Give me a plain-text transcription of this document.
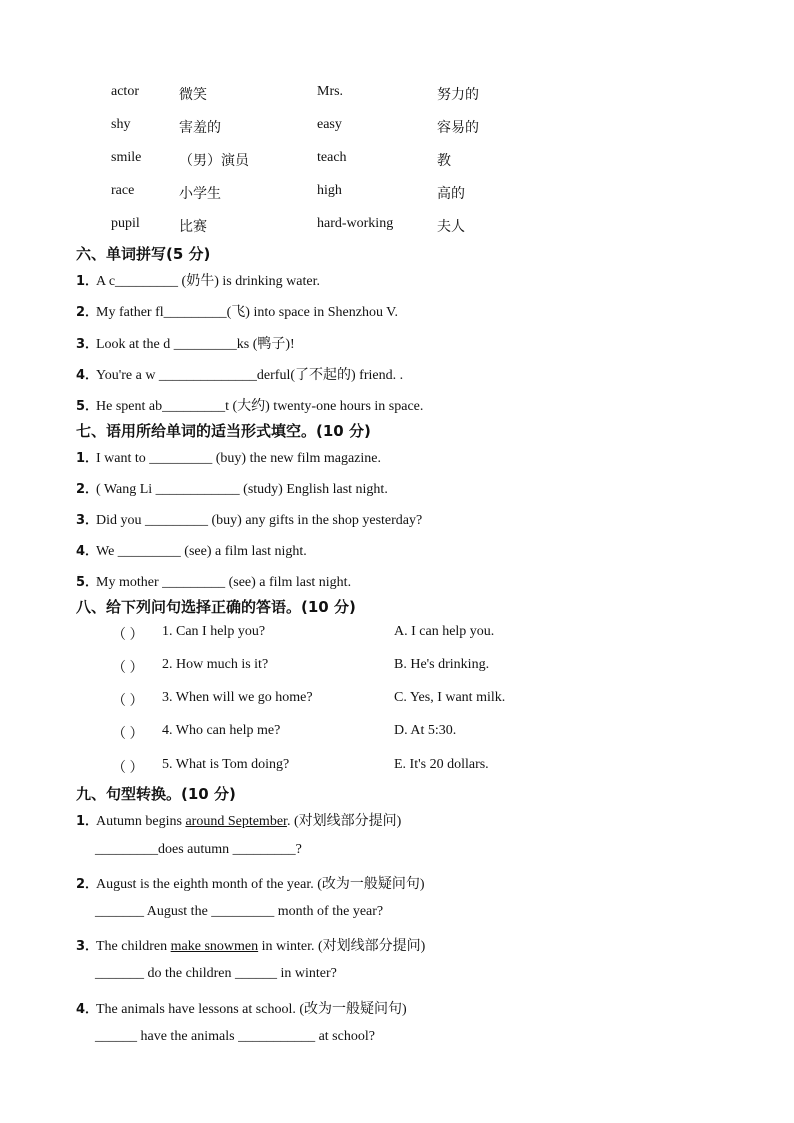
actor	微笑	Mrs.	努力的
shy	害羞的	easy	容易的
smile	（男）演员	teach	教
race	小学生	high	高的
pupil	比赛	hard-working	夫人
六、单词拼写(5 分)
1．A c_________ (奶牛) is drinking water.
2．My father fl_________(飞) into space in Shenzhou V.
3．Look at the d _________ks (鸭子)!
4．You're a w ______________derful(了不起的) friend. .
5．He spent ab_________t (大约) twenty-one hours in space.
七、语用所给单词的适当形式填空。(10 分)
1．I want to _________ (buy) the new film magazine.
2．( Wang Li ____________ (study) English last night.
3．Did you _________ (buy) any gifts in the shop yesterday?
4．We _________ (see) a film last night.
5．My mother _________ (see) a film last night.
八、给下列问句选择正确的答语。(10 分)
（ ） 1. Can I help you?	A. I can help you.
（ ） 2. How much is it?	B. He's drinking.
（ ） 3. When will we go home?	C. Yes, I want milk.
（ ） 4. Who can help me?	D. At 5:30.
（ ） 5. What is Tom doing?	E. It's 20 dollars.
九、句型转换。(10 分)
1．Autumn begins around September. (对划线部分提问)
_________does autumn _________?
2．August is the eighth month of the year. (改为一般疑问句)
_______ August the _________ month of the year?
3．The children make snowmen in winter. (对划线部分提问)
_______ do the children ______ in winter?
4．The animals have lessons at school. (改为一般疑问句)
______ have the animals ___________ at school?
